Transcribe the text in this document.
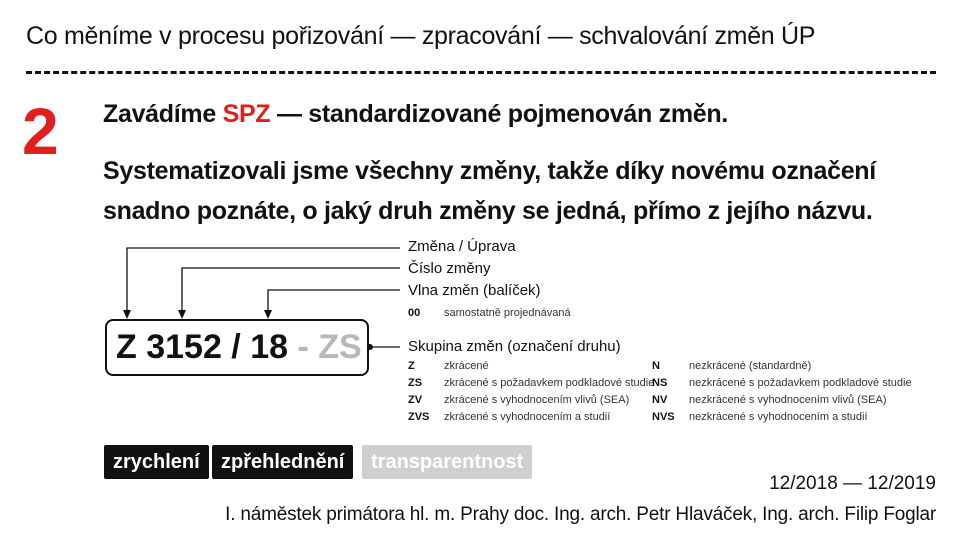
Co měníme v procesu pořizování — zpracování — schvalování změn ÚP
2 Zavádíme SPZ — standardizované pojmenován změn.
Systematizovali jsme všechny změny, takže díky novému označení
snadno poznáte, o jaký druh změny se jedná, přímo z jejího názvu.
Z 3152 / 18 - ZS
Změna / Úprava
Číslo změny
Vlna změn (balíček)
00 samostatně projednávaná
Skupina změn (označení druhu)
Z	zkrácené
ZS zkrácené s požadavkem podkladové studie
ZV zkrácené s vyhodnocením vlivů (SEA)
ZVS zkrácené s vyhodnocením a studií
N	nezkrácené (standardně)
NS nezkrácené s požadavkem podkladové studie
NV nezkrácené s vyhodnocením vlivů (SEA)
NVS nezkrácené s vyhodnocením a studií
zrychlení	zpřehlednění	transparentnost
12/2018 — 12/2019
I. náměstek primátora hl. m. Prahy doc. Ing. arch. Petr Hlaváček, Ing. arch. Filip Foglar
